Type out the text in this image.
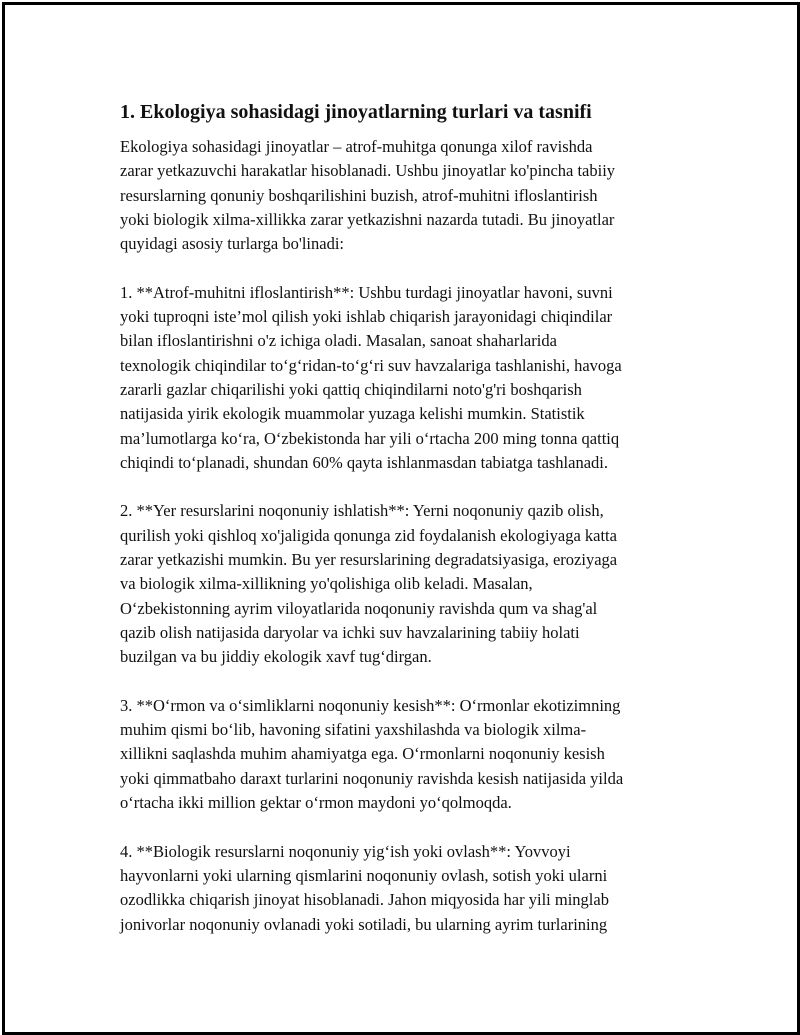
1. Ekologiya sohasidagi jinoyatlarning turlari va tasnifi
Ekologiya sohasidagi jinoyatlar – atrof-muhitga qonunga xilof ravishda
zarar yetkazuvchi harakatlar hisoblanadi. Ushbu jinoyatlar ko'pincha tabiiy
resurslarning qonuniy boshqarilishini buzish, atrof-muhitni ifloslantirish
yoki biologik xilma-xillikka zarar yetkazishni nazarda tutadi. Bu jinoyatlar
quyidagi asosiy turlarga bo'linadi:
1. **Atrof-muhitni ifloslantirish**: Ushbu turdagi jinoyatlar havoni, suvni
yoki tuproqni iste’mol qilish yoki ishlab chiqarish jarayonidagi chiqindilar
bilan ifloslantirishni o'z ichiga oladi. Masalan, sanoat shaharlarida
texnologik chiqindilar to‘g‘ridan-to‘g‘ri suv havzalariga tashlanishi, havoga
zararli gazlar chiqarilishi yoki qattiq chiqindilarni noto'g'ri boshqarish
natijasida yirik ekologik muammolar yuzaga kelishi mumkin. Statistik
ma’lumotlarga ko‘ra, O‘zbekistonda har yili o‘rtacha 200 ming tonna qattiq
chiqindi to‘planadi, shundan 60% qayta ishlanmasdan tabiatga tashlanadi.
2. **Yer resurslarini noqonuniy ishlatish**: Yerni noqonuniy qazib olish,
qurilish yoki qishloq xo'jaligida qonunga zid foydalanish ekologiyaga katta
zarar yetkazishi mumkin. Bu yer resurslarining degradatsiyasiga, eroziyaga
va biologik xilma-xillikning yo'qolishiga olib keladi. Masalan,
O‘zbekistonning ayrim viloyatlarida noqonuniy ravishda qum va shag'al
qazib olish natijasida daryolar va ichki suv havzalarining tabiiy holati
buzilgan va bu jiddiy ekologik xavf tug‘dirgan.
3. **O‘rmon va o‘simliklarni noqonuniy kesish**: O‘rmonlar ekotizimning
muhim qismi bo‘lib, havoning sifatini yaxshilashda va biologik xilma-
xillikni saqlashda muhim ahamiyatga ega. O‘rmonlarni noqonuniy kesish
yoki qimmatbaho daraxt turlarini noqonuniy ravishda kesish natijasida yilda
o‘rtacha ikki million gektar o‘rmon maydoni yo‘qolmoqda.
4. **Biologik resurslarni noqonuniy yig‘ish yoki ovlash**: Yovvoyi
hayvonlarni yoki ularning qismlarini noqonuniy ovlash, sotish yoki ularni
ozodlikka chiqarish jinoyat hisoblanadi. Jahon miqyosida har yili minglab
jonivorlar noqonuniy ovlanadi yoki sotiladi, bu ularning ayrim turlarining
